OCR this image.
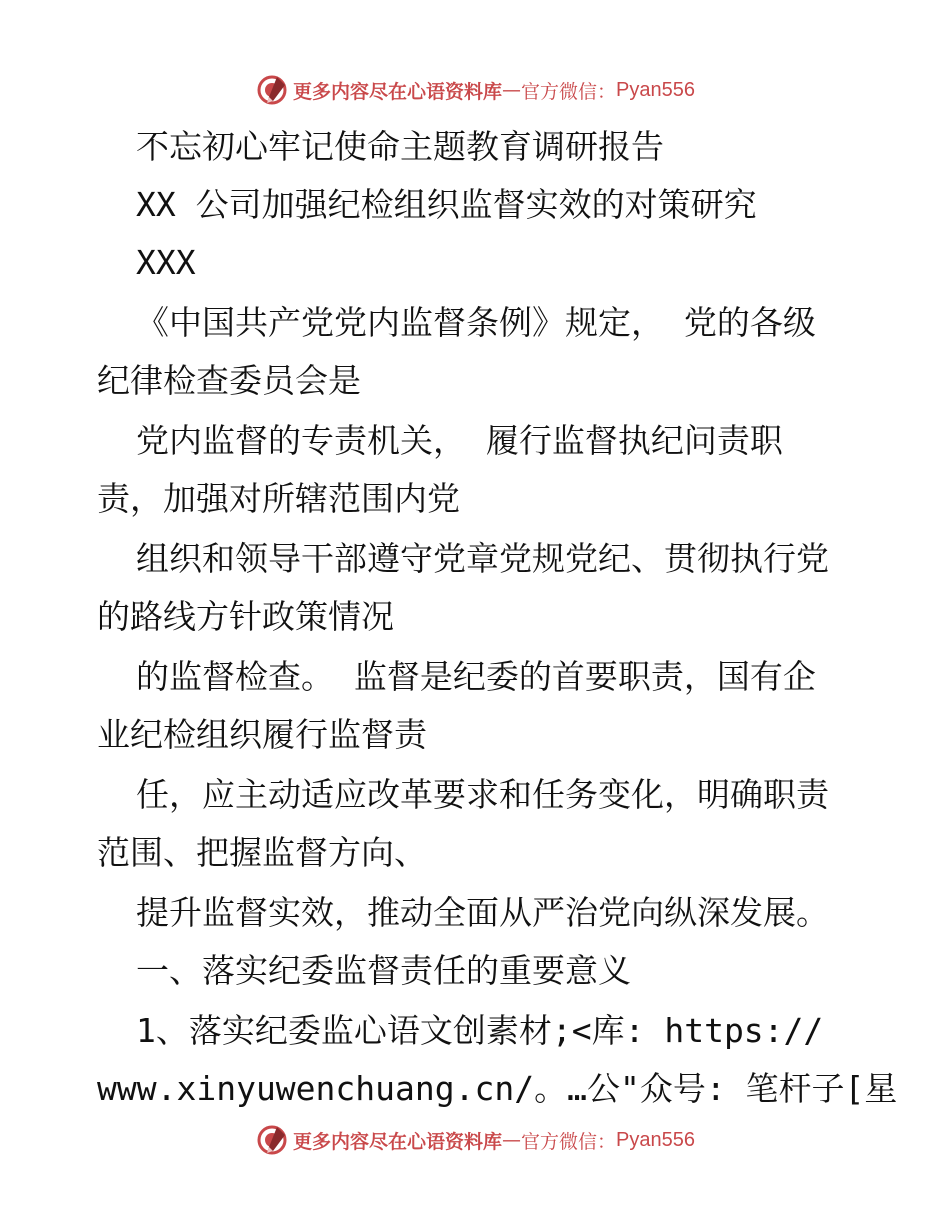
更多内容尽在心语资料库 — 官方微信： Pyan556
不忘初心牢记使命主题教育调研报告
XX 公司加强纪检组织监督实效的对策研究
XXX
《中国共产党党内监督条例》规定， 党的各级
纪律检查委员会是
党内监督的专责机关， 履行监督执纪问责职
责，加强对所辖范围内党
组织和领导干部遵守党章党规党纪、贯彻执行党
的路线方针政策情况
的监督检查。 监督是纪委的首要职责，国有企
业纪检组织履行监督责
任，应主动适应改革要求和任务变化，明确职责
范围、把握监督方向、
提升监督实效，推动全面从严治党向纵深发展。
一、落实纪委监督责任的重要意义
1、落实纪委监心语文创素材;<库: https://
www.xinyuwenchuang.cn/。…公"众号: 笔杆子[星
更多内容尽在心语资料库 — 官方微信： Pyan556
